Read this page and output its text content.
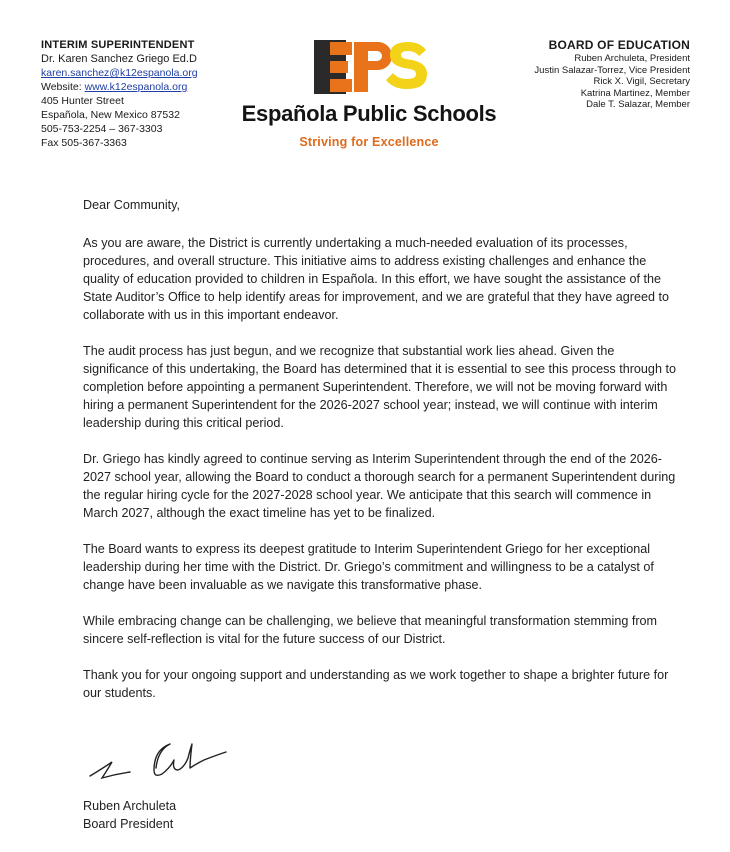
INTERIM SUPERINTENDENT
Dr. Karen Sanchez Griego Ed.D
karen.sanchez@k12espanola.org
Website: www.k12espanola.org
405 Hunter Street
Española, New Mexico 87532
505-753-2254 – 367-3303
Fax 505-367-3363
Española Public Schools
Striving for Excellence
BOARD OF EDUCATION
Ruben Archuleta, President
Justin Salazar-Torrez, Vice President
Rick X. Vigil, Secretary
Katrina Martinez, Member
Dale T. Salazar, Member

Dear Community,

As you are aware, the District is currently undertaking a much-needed evaluation of its processes, procedures, and overall structure. This initiative aims to address existing challenges and enhance the quality of education provided to children in Española. In this effort, we have sought the assistance of the State Auditor’s Office to help identify areas for improvement, and we are grateful that they have agreed to collaborate with us in this important endeavor.

The audit process has just begun, and we recognize that substantial work lies ahead. Given the significance of this undertaking, the Board has determined that it is essential to see this process through to completion before appointing a permanent Superintendent. Therefore, we will not be moving forward with hiring a permanent Superintendent for the 2026-2027 school year; instead, we will continue with interim leadership during this critical period.

Dr. Griego has kindly agreed to continue serving as Interim Superintendent through the end of the 2026-2027 school year, allowing the Board to conduct a thorough search for a permanent Superintendent during the regular hiring cycle for the 2027-2028 school year. We anticipate that this search will commence in March 2027, although the exact timeline has yet to be finalized.

The Board wants to express its deepest gratitude to Interim Superintendent Griego for her exceptional leadership during her time with the District. Dr. Griego’s commitment and willingness to be a catalyst of change have been invaluable as we navigate this transformative phase.

While embracing change can be challenging, we believe that meaningful transformation stemming from sincere self-reflection is vital for the future success of our District.

Thank you for your ongoing support and understanding as we work together to shape a brighter future for our students.

Ruben Archuleta
Board President
